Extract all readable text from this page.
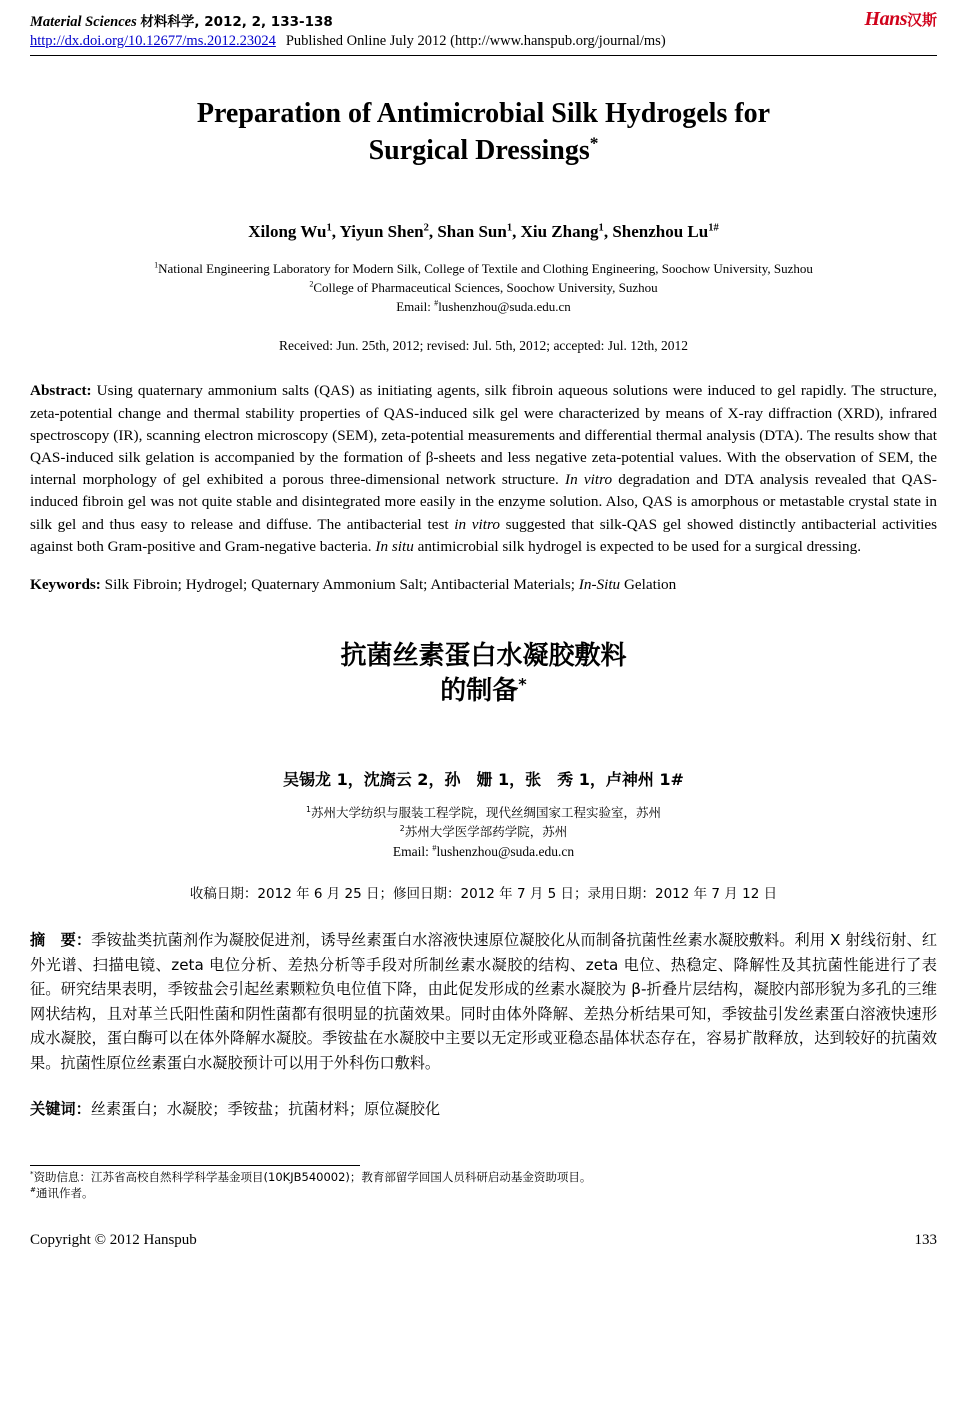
Material Sciences 材料科学, 2012, 2, 133-138
http://dx.doi.org/10.12677/ms.2012.23024 Published Online July 2012 (http://www.hanspub.org/journal/ms)
Hans汉斯
Preparation of Antimicrobial Silk Hydrogels for
Surgical Dressings*
Xilong Wu$^1$, Yiyun Shen$^2$, Shan Sun$^1$, Xiu Zhang$^1$, Shenzhou $Lu^{1\#}$
$^1$National Engineering Laboratory for Modern Silk, College of Textile and Clothing Engineering, Soochow University, Suzhou
$^2$College of Pharmaceutical Sciences, Soochow University, Suzhou
Email: #lushenzhou@suda.edu.cn
Received: Jun. 25th, 2012; revised: Jul. 5th, 2012; accepted: Jul. 12th, 2012
Abstract: Using quaternary ammonium salts (QAS) as initiating agents, silk fibroin aqueous solutions were induced to gel rapidly. The structure, zeta-potential change and thermal stability properties of QAS-induced silk gel were characterized by means of X-ray diffraction (XRD), infrared spectroscopy (IR), scanning electron microscopy (SEM), zeta-potential measurements and differential thermal analysis (DTA). The results show that QAS-induced silk gelation is accompanied by the formation of β-sheets and less negative zeta-potential values. With the observation of SEM, the internal morphology of gel exhibited a porous three-dimensional network structure. In vitro degradation and DTA analysis revealed that QAS-induced fibroin gel was not quite stable and disintegrated more easily in the enzyme solution. Also, QAS is amorphous or metastable crystal state in silk gel and thus easy to release and diffuse. The antibacterial test in vitro suggested that silk-QAS gel showed distinctly antibacterial activities against both Gram-positive and Gram-negative bacteria. In situ antimicrobial silk hydrogel is expected to be used for a surgical dressing.
Keywords: Silk Fibroin; Hydrogel; Quaternary Ammonium Salt; Antibacterial Materials; In-Situ Gelation
抗菌丝素蛋白水凝胶敷料
的制备*
吴锡龙 1，沈旖云 2，孙　姗 1，张　秀 1，卢神州 1#
$^1$苏州大学纺织与服装工程学院，现代丝绸国家工程实验室，苏州
$^2$苏州大学医学部药学院，苏州
Email: #lushenzhou@suda.edu.cn
收稿日期：2012 年 6 月 25 日；修回日期：2012 年 7 月 5 日；录用日期：2012 年 7 月 12 日
摘　要：季铵盐类抗菌剂作为凝胶促进剂，诱导丝素蛋白水溶液快速原位凝胶化从而制备抗菌性丝素水凝胶敷料。利用 X 射线衍射、红外光谱、扫描电镜、zeta 电位分析、差热分析等手段对所制丝素水凝胶的结构、zeta 电位、热稳定、降解性及其抗菌性能进行了表征。研究结果表明，季铵盐会引起丝素颗粒负电位值下降，由此促发形成的丝素水凝胶为 β-折叠片层结构，凝胶内部形貌为多孔的三维网状结构，且对革兰氏阳性菌和阴性菌都有很明显的抗菌效果。同时由体外降解、差热分析结果可知，季铵盐引发丝素蛋白溶液快速形成水凝胶，蛋白酶可以在体外降解水凝胶。季铵盐在水凝胶中主要以无定形或亚稳态晶体状态存在，容易扩散释放，达到较好的抗菌效果。抗菌性原位丝素蛋白水凝胶预计可以用于外科伤口敷料。
关键词：丝素蛋白；水凝胶；季铵盐；抗菌材料；原位凝胶化
*资助信息：江苏省高校自然科学科学基金项目(10KJB540002)；教育部留学回国人员科研启动基金资助项目。
#通讯作者。
Copyright © 2012 Hanspub	133
